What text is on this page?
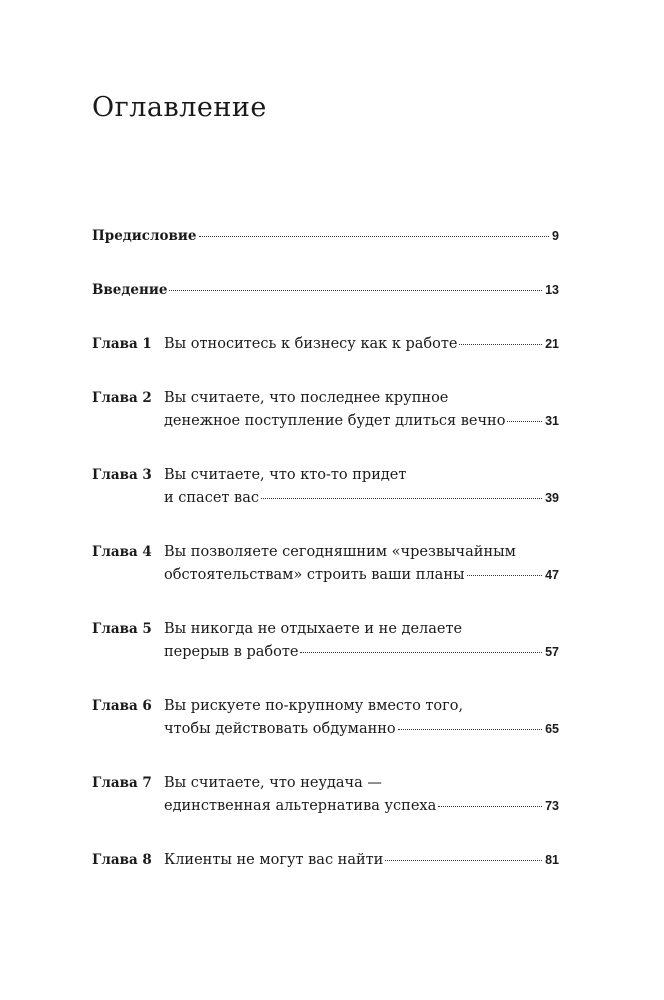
Оглавление
Предисловие	9
Введение	13
Глава 1 Вы относитесь к бизнесу как к работе	21
Глава 2 Вы считаете, что последнее крупное
денежное поступление будет длиться вечно	31
Глава 3 Вы считаете, что кто-то придет
и спасет вас	39
Глава 4 Вы позволяете сегодняшним «чрезвычайным
обстоятельствам» строить ваши планы	47
Глава 5 Вы никогда не отдыхаете и не делаете
перерыв в работе	57
Глава 6 Вы рискуете по-крупному вместо того,
чтобы действовать обдуманно	65
Глава 7 Вы считаете, что неудача —
единственная альтернатива успеха	73
Глава 8 Клиенты не могут вас найти	81
